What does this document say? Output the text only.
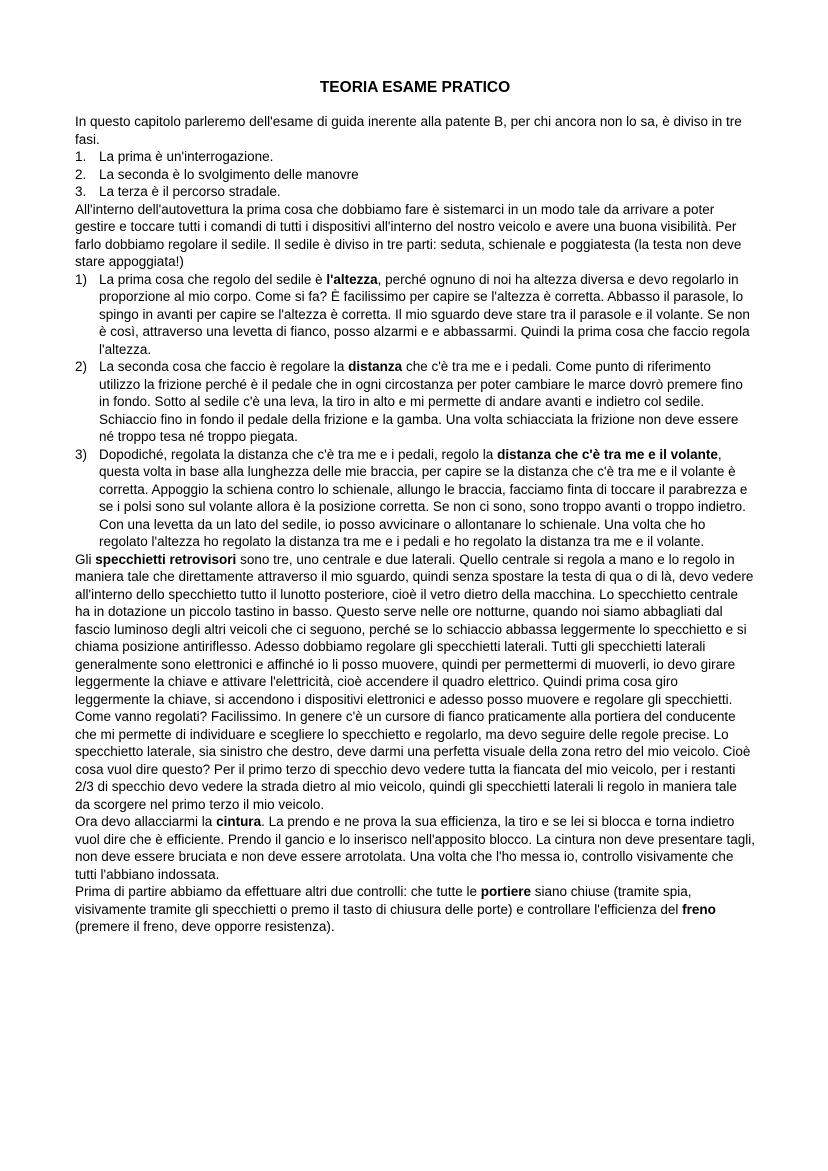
TEORIA ESAME PRATICO

In questo capitolo parleremo dell'esame di guida inerente alla patente B, per chi ancora non lo sa, è diviso in tre fasi.

1. La prima è un'interrogazione.
2. La seconda è lo svolgimento delle manovre
3. La terza è il percorso stradale.

All'interno dell'autovettura la prima cosa che dobbiamo fare è sistemarci in un modo tale da arrivare a poter gestire e toccare tutti i comandi di tutti i dispositivi all'interno del nostro veicolo e avere una buona visibilità. Per farlo dobbiamo regolare il sedile. Il sedile è diviso in tre parti: seduta, schienale e poggiatesta (la testa non deve stare appoggiata!)

1) La prima cosa che regolo del sedile è l'altezza, perché ognuno di noi ha altezza diversa e devo regolarlo in proporzione al mio corpo. Come si fa? È facilissimo per capire se l'altezza è corretta. Abbasso il parasole, lo spingo in avanti per capire se l'altezza è corretta. Il mio sguardo deve stare tra il parasole e il volante. Se non è così, attraverso una levetta di fianco, posso alzarmi e e abbassarmi. Quindi la prima cosa che faccio regola l'altezza.
2) La seconda cosa che faccio è regolare la distanza che c'è tra me e i pedali. Come punto di riferimento utilizzo la frizione perché è il pedale che in ogni circostanza per poter cambiare le marce dovrò premere fino in fondo. Sotto al sedile c'è una leva, la tiro in alto e mi permette di andare avanti e indietro col sedile. Schiaccio fino in fondo il pedale della frizione e la gamba. Una volta schiacciata la frizione non deve essere né troppo tesa né troppo piegata.
3) Dopodiché, regolata la distanza che c'è tra me e i pedali, regolo la distanza che c'è tra me e il volante, questa volta in base alla lunghezza delle mie braccia, per capire se la distanza che c'è tra me e il volante è corretta. Appoggio la schiena contro lo schienale, allungo le braccia, facciamo finta di toccare il parabrezza e se i polsi sono sul volante allora è la posizione corretta. Se non ci sono, sono troppo avanti o troppo indietro. Con una levetta da un lato del sedile, io posso avvicinare o allontanare lo schienale. Una volta che ho regolato l'altezza ho regolato la distanza tra me e i pedali e ho regolato la distanza tra me e il volante.

Gli specchietti retrovisori sono tre, uno centrale e due laterali. Quello centrale si regola a mano e lo regolo in maniera tale che direttamente attraverso il mio sguardo, quindi senza spostare la testa di qua o di là, devo vedere all'interno dello specchietto tutto il lunotto posteriore, cioè il vetro dietro della macchina. Lo specchietto centrale ha in dotazione un piccolo tastino in basso. Questo serve nelle ore notturne, quando noi siamo abbagliati dal fascio luminoso degli altri veicoli che ci seguono, perché se lo schiaccio abbassa leggermente lo specchietto e si chiama posizione antiriflesso. Adesso dobbiamo regolare gli specchietti laterali. Tutti gli specchietti laterali generalmente sono elettronici e affinché io li posso muovere, quindi per permettermi di muoverli, io devo girare leggermente la chiave e attivare l'elettricità, cioè accendere il quadro elettrico. Quindi prima cosa giro leggermente la chiave, si accendono i dispositivi elettronici e adesso posso muovere e regolare gli specchietti. Come vanno regolati? Facilissimo. In genere c'è un cursore di fianco praticamente alla portiera del conducente che mi permette di individuare e scegliere lo specchietto e regolarlo, ma devo seguire delle regole precise. Lo specchietto laterale, sia sinistro che destro, deve darmi una perfetta visuale della zona retro del mio veicolo. Cioè cosa vuol dire questo? Per il primo terzo di specchio devo vedere tutta la fiancata del mio veicolo, per i restanti 2/3 di specchio devo vedere la strada dietro al mio veicolo, quindi gli specchietti laterali li regolo in maniera tale da scorgere nel primo terzo il mio veicolo.

Ora devo allacciarmi la cintura. La prendo e ne prova la sua efficienza, la tiro e se lei si blocca e torna indietro vuol dire che è efficiente. Prendo il gancio e lo inserisco nell'apposito blocco. La cintura non deve presentare tagli, non deve essere bruciata e non deve essere arrotolata. Una volta che l'ho messa io, controllo visivamente che tutti l'abbiano indossata.

Prima di partire abbiamo da effettuare altri due controlli: che tutte le portiere siano chiuse (tramite spia, visivamente tramite gli specchietti o premo il tasto di chiusura delle porte) e controllare l'efficienza del freno (premere il freno, deve opporre resistenza).
